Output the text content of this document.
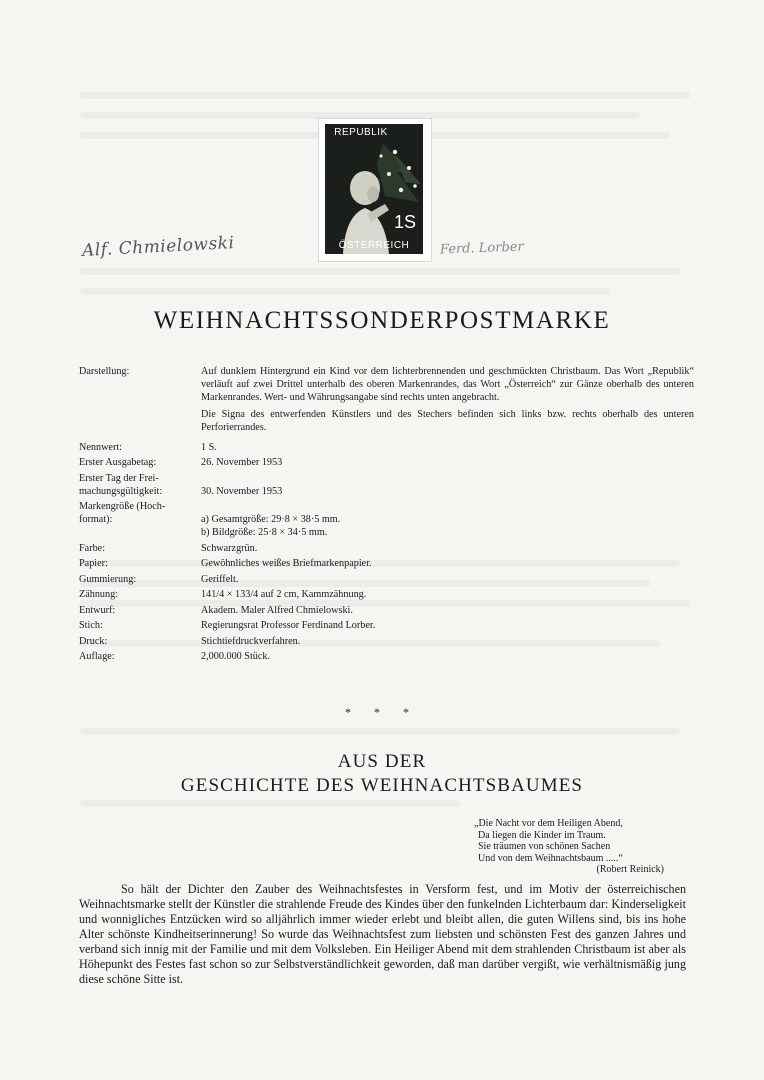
REPUBLIK
1S
ÖSTERREICH
Alf. Chmielowski	Ferd. Lorber
WEIHNACHTSSONDERPOSTMARKE
Darstellung:	Auf dunklem Hintergrund ein Kind vor dem lichterbrennenden und geschmückten Christbaum. Das Wort „Republik“ verläuft auf zwei Drittel unterhalb des oberen Markenrandes, das Wort „Österreich“ zur Gänze oberhalb des unteren Markenrandes. Wert- und Währungsangabe sind rechts unten angebracht.

Die Signa des entwerfenden Künstlers und des Stechers befinden sich links bzw. rechts oberhalb des unteren Perforierrandes.

Nennwert:	1 S.
Erster Ausgabetag:	26. November 1953
Erster Tag der Frei-
machungsgültigkeit:	30. November 1953
Markengröße (Hoch-
format):	a) Gesamtgröße: 29·8 × 38·5 mm.
b) Bildgröße: 25·8 × 34·5 mm.
Farbe:	Schwarzgrün.
Papier:	Gewöhnliches weißes Briefmarkenpapier.
Gummierung:	Geriffelt.
Zähnung:	141/4 × 133/4 auf 2 cm, Kammzähnung.
Entwurf:	Akadem. Maler Alfred Chmielowski.
Stich:	Regierungsrat Professor Ferdinand Lorber.
Druck:	Stichtiefdruckverfahren.
Auflage:	2,000.000 Stück.
* * *
AUS DER
GESCHICHTE DES WEIHNACHTSBAUMES
„Die Nacht vor dem Heiligen Abend,
Da liegen die Kinder im Traum.
Sie träumen von schönen Sachen
Und von dem Weihnachtsbaum .....“
(Robert Reinick)

So hält der Dichter den Zauber des Weihnachtsfestes in Versform fest, und im Motiv der österreichischen Weihnachtsmarke stellt der Künstler die strahlende Freude des Kindes über den funkelnden Lichterbaum dar: Kinderseligkeit und wonnigliches Entzücken wird so alljährlich immer wieder erlebt und bleibt allen, die guten Willens sind, bis ins hohe Alter schönste Kindheitserinnerung! So wurde das Weihnachtsfest zum liebsten und schönsten Fest des ganzen Jahres und verband sich innig mit der Familie und mit dem Volksleben. Ein Heiliger Abend mit dem strahlenden Christbaum ist aber als Höhepunkt des Festes fast schon so zur Selbstverständlichkeit geworden, daß man darüber vergißt, wie verhältnismäßig jung diese schöne Sitte ist.
